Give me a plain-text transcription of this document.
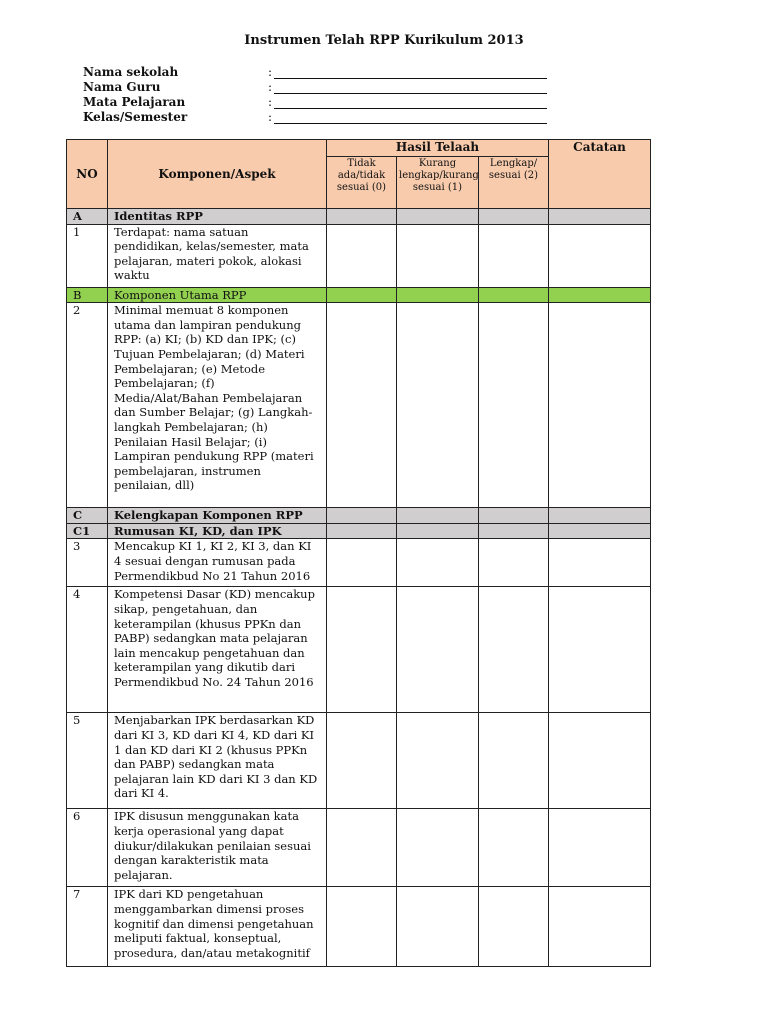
Instrumen Telah RPP Kurikulum 2013
Nama sekolah	:
Nama Guru	:
Mata Pelajaran	:
Kelas/Semester	:
NO	Komponen/Aspek	Hasil Telaah			Catatan
		Tidak ada/tidak sesuai (0)	Kurang lengkap/kurang sesuai (1)	Lengkap/ sesuai (2)	
A	Identitas RPP				
1	Terdapat: nama satuan pendidikan, kelas/semester, mata pelajaran, materi pokok, alokasi waktu				
B	Komponen Utama RPP				
2	Minimal memuat 8 komponen utama dan lampiran pendukung RPP: (a) KI; (b) KD dan IPK; (c) Tujuan Pembelajaran; (d) Materi Pembelajaran; (e) Metode Pembelajaran; (f) Media/Alat/Bahan Pembelajaran dan Sumber Belajar; (g) Langkah-langkah Pembelajaran; (h) Penilaian Hasil Belajar; (i) Lampiran pendukung RPP (materi pembelajaran, instrumen penilaian, dll)				
C	Kelengkapan Komponen RPP				
C1	Rumusan KI, KD, dan IPK				
3	Mencakup KI 1, KI 2, KI 3, dan KI 4 sesuai dengan rumusan pada Permendikbud No 21 Tahun 2016				
4	Kompetensi Dasar (KD) mencakup sikap, pengetahuan, dan keterampilan (khusus PPKn dan PABP) sedangkan mata pelajaran lain mencakup pengetahuan dan keterampilan yang dikutib dari Permendikbud No. 24 Tahun 2016				
5	Menjabarkan IPK berdasarkan KD dari KI 3, KD dari KI 4, KD dari KI 1 dan KD dari KI 2 (khusus PPKn dan PABP) sedangkan mata pelajaran lain KD dari KI 3 dan KD dari KI 4.				
6	IPK disusun menggunakan kata kerja operasional yang dapat diukur/dilakukan penilaian sesuai dengan karakteristik mata pelajaran.				
7	IPK dari KD pengetahuan menggambarkan dimensi proses kognitif dan dimensi pengetahuan meliputi faktual, konseptual, prosedura, dan/atau metakognitif				
